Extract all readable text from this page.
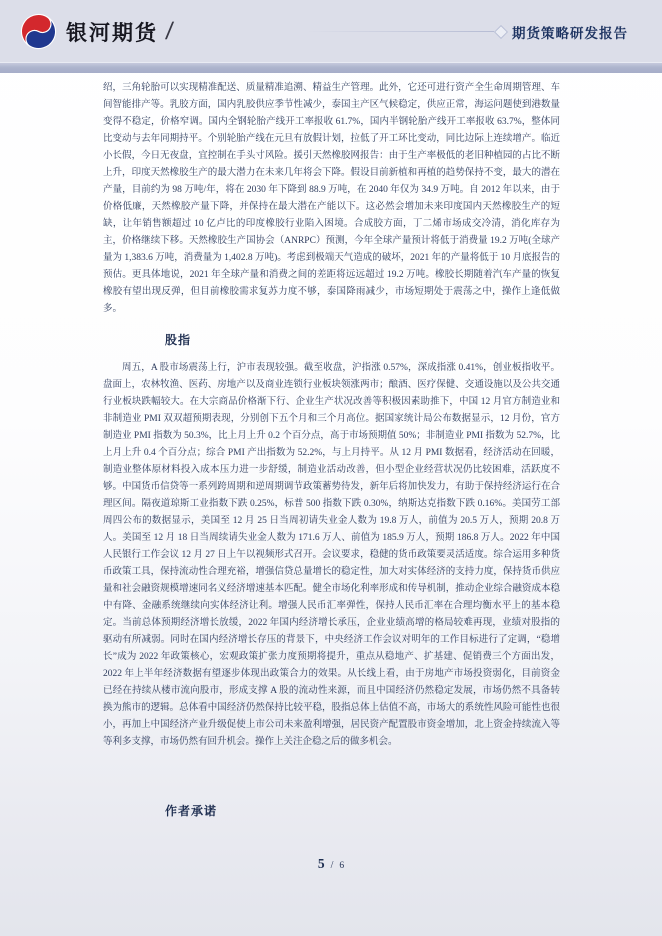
银河期货 /	期货策略研发报告

绍，三角轮胎可以实现精准配送、质量精准追溯、精益生产管理。此外，它还可进行资产全生命周期管理、车间智能排产等。乳胶方面，国内乳胶供应季节性减少，泰国主产区气候稳定，供应正常，海运问题使到港数量变得不稳定，价格窄调。国内全钢轮胎产线开工率报收 61.7%，国内半钢轮胎产线开工率报收 63.7%，整体同比变动与去年同期持平。个别轮胎产线在元旦有放假计划，拉低了开工环比变动，同比边际上连续增产。临近小长假，今日无夜盘，宜控制在手头寸风险。援引天然橡胶网报告：由于生产率极低的老旧种植园的占比不断上升，印度天然橡胶生产的最大潜力在未来几年将会下降。假设目前新植和再植的趋势保持不变，最大的潜在产量，目前约为 98 万吨/年，将在 2030 年下降到 88.9 万吨，在 2040 年仅为 34.9 万吨。自 2012 年以来，由于价格低廉，天然橡胶产量下降，并保持在最大潜在产能以下。这必然会增加未来印度国内天然橡胶生产的短缺，让年销售额超过 10 亿卢比的印度橡胶行业陷入困境。合成胶方面，丁二烯市场成交冷清，消化库存为主，价格继续下移。天然橡胶生产国协会（ANRPC）预测，今年全球产量预计将低于消费量 19.2 万吨(全球产量为 1,383.6 万吨，消费量为 1,402.8 万吨)。考虑到极端天气造成的破坏，2021 年的产量将低于 10 月底报告的预估。更具体地说，2021 年全球产量和消费之间的差距将远远超过 19.2 万吨。橡胶长期随着汽车产量的恢复橡胶有望出现反弹，但目前橡胶需求复苏力度不够，泰国降雨减少，市场短期处于震荡之中，操作上逢低做多。

股指

周五，A 股市场震荡上行，沪市表现较强。截至收盘，沪指涨 0.57%，深成指涨 0.41%，创业板指收平。盘面上，农林牧渔、医药、房地产以及商业连锁行业板块领涨两市；酿酒、医疗保健、交通设施以及公共交通行业板块跌幅较大。在大宗商品价格渐下行、企业生产状况改善等积极因素助推下，中国 12 月官方制造业和非制造业 PMI 双双超预期表现，分别创下五个月和三个月高位。据国家统计局公布数据显示，12 月份，官方制造业 PMI 指数为 50.3%，比上月上升 0.2 个百分点，高于市场预期值 50%；非制造业 PMI 指数为 52.7%，比上月上升 0.4 个百分点；综合 PMI 产出指数为 52.2%，与上月持平。从 12 月 PMI 数据看，经济活动在回暖，制造业整体原材料投入成本压力进一步舒缓，制造业活动改善，但小型企业经营状况仍比较困难，活跃度不够。中国货币信贷等一系列跨周期和逆周期调节政策蓄势待发，新年后将加快发力，有助于保持经济运行在合理区间。隔夜道琼斯工业指数下跌 0.25%，标普 500 指数下跌 0.30%，纳斯达克指数下跌 0.16%。美国劳工部周四公布的数据显示，美国至 12 月 25 日当周初请失业金人数为 19.8 万人，前值为 20.5 万人，预期 20.8 万人。美国至 12 月 18 日当周续请失业金人数为 171.6 万人、前值为 185.9 万人，预期 186.8 万人。2022 年中国人民银行工作会议 12 月 27 日上午以视频形式召开。会议要求，稳健的货币政策要灵活适度。综合运用多种货币政策工具，保持流动性合理充裕，增强信贷总量增长的稳定性，加大对实体经济的支持力度，保持货币供应量和社会融资规模增速同名义经济增速基本匹配。健全市场化利率形成和传导机制，推动企业综合融资成本稳中有降、金融系统继续向实体经济让利。增强人民币汇率弹性，保持人民币汇率在合理均衡水平上的基本稳定。当前总体预期经济增长放缓，2022 年国内经济增长承压，企业业绩高增的格局较难再现，业绩对股指的驱动有所减弱。同时在国内经济增长存压的背景下，中央经济工作会议对明年的工作目标进行了定调，“稳增长”成为 2022 年政策核心，宏观政策扩张力度预期将提升，重点从稳地产、扩基建、促销费三个方面出发，2022 年上半年经济数据有望逐步体现出政策合力的效果。从长线上看，由于房地产市场投资弱化，目前资金已经在持续从楼市流向股市，形成支撑 A 股的流动性来源，而且中国经济仍然稳定发展，市场仍然不具备转换为熊市的逻辑。总体看中国经济仍然保持比较平稳，股指总体上估值不高，市场大的系统性风险可能性也很小，再加上中国经济产业升级促使上市公司未来盈利增强，居民资产配置股市资金增加，北上资金持续流入等等利多支撑，市场仍然有回升机会。操作上关注企稳之后的做多机会。

作者承诺
5 / 6
